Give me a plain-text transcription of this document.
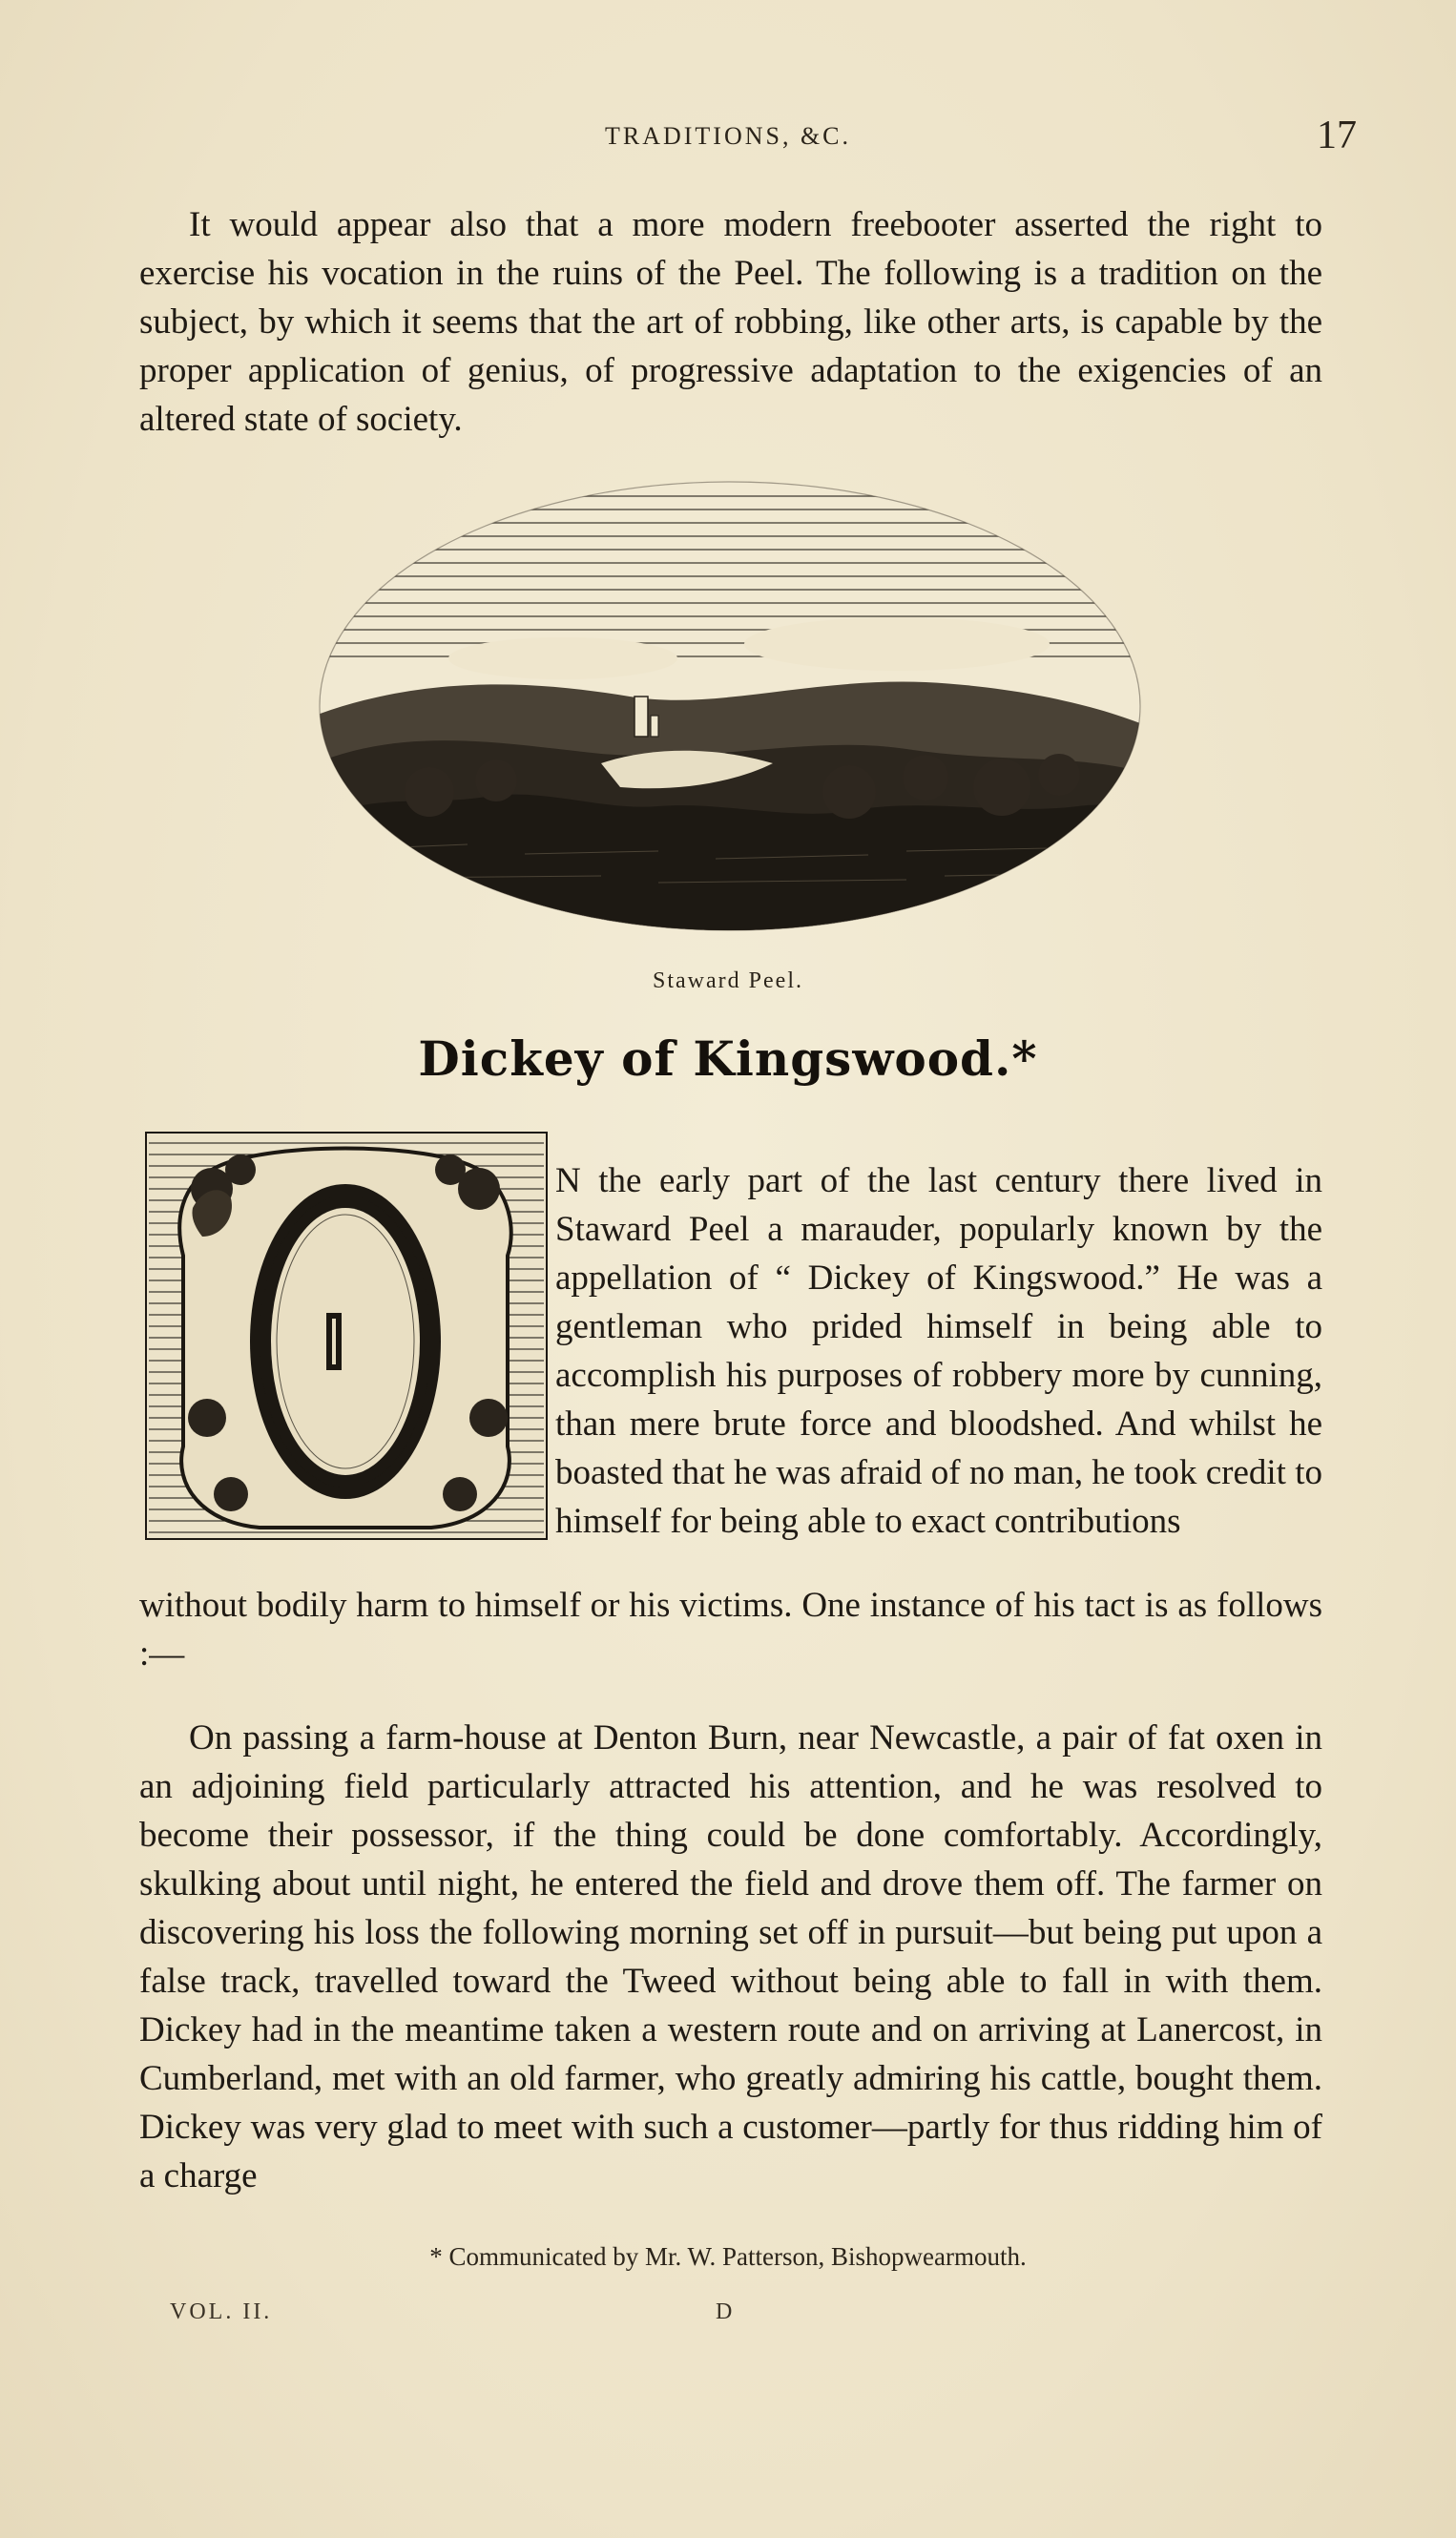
TRADITIONS, &C.	17

It would appear also that a more modern freebooter asserted the right to exercise his vocation in the ruins of the Peel. The following is a tradition on the subject, by which it seems that the art of robbing, like other arts, is capable by the proper application of genius, of progressive adaptation to the exigencies of an altered state of society.

Staward Peel.
Dickey of Kingswood.*

N the early part of the last century there lived in Staward Peel a marauder, popularly known by the appellation of “ Dickey of Kingswood.” He was a gentleman who prided himself in being able to accomplish his purposes of robbery more by cunning, than mere brute force and bloodshed. And whilst he boasted that he was afraid of no man, he took credit to himself for being able to exact contributions

without bodily harm to himself or his victims. One instance of his tact is as follows :—

On passing a farm-house at Denton Burn, near Newcastle, a pair of fat oxen in an adjoining field particularly attracted his attention, and he was resolved to become their possessor, if the thing could be done comfortably. Accordingly, skulking about until night, he entered the field and drove them off. The farmer on discovering his loss the following morning set off in pursuit—but being put upon a false track, travelled toward the Tweed without being able to fall in with them. Dickey had in the meantime taken a western route and on arriving at Lanercost, in Cumberland, met with an old farmer, who greatly admiring his cattle, bought them. Dickey was very glad to meet with such a customer—partly for thus ridding him of a charge

* Communicated by Mr. W. Patterson, Bishopwearmouth.
VOL. II.	D
